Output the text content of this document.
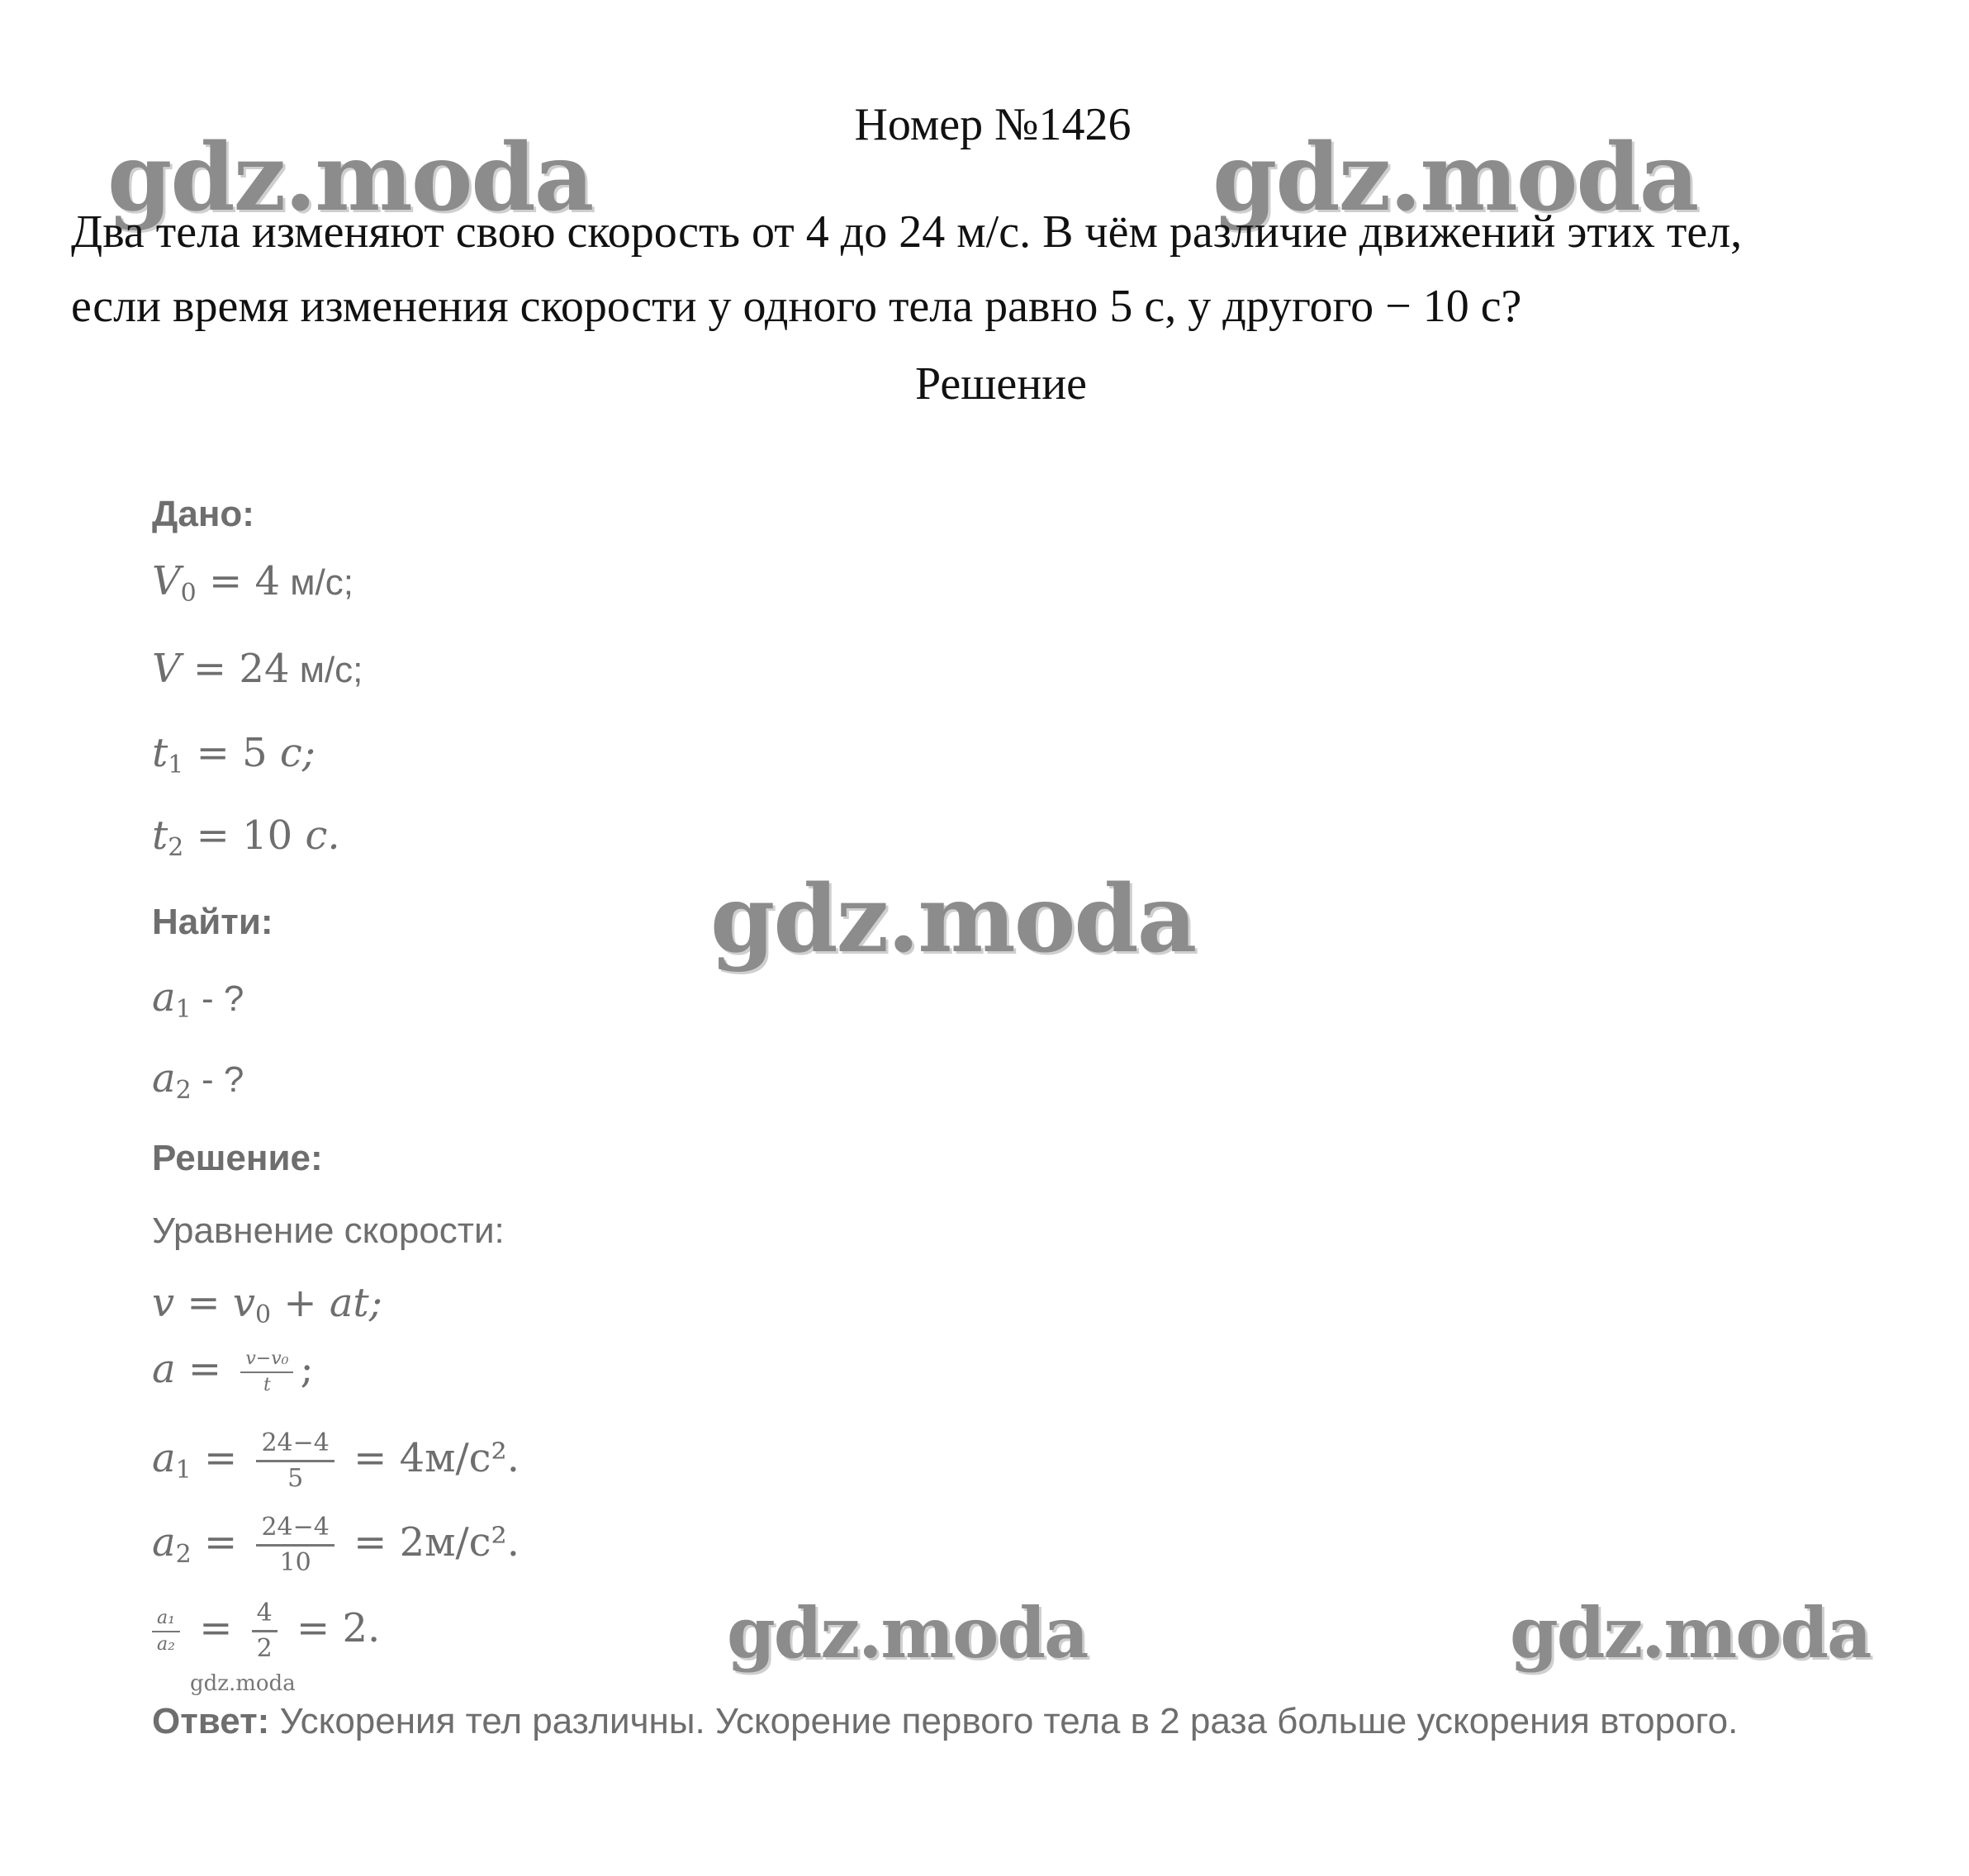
Номер №1426
gdz.moda	gdz.moda
Два тела изменяют свою скорость от 4 до 24 м/с. В чём различие движений этих тел,
если время изменения скорости у одного тела равно 5 с, у другого − 10 с?
Решение
Дано:
$V_0 = 4$ м/с;
V = 24 м/с;
$t_1 = 5$ c;
$t_2 = 10$ c.
Найти:
$a_1$ - ?
$a_2$ - ?
gdz.moda
Решение:
Уравнение скорости:
$v = v_0$ + at;
$a = \frac{\text{v−v₀}}{t}$ ;
$a_1 = \frac{24-4}{5} = 4м/с^2$.
$a_2 = \frac{24-4}{10} = 2м/с^2$.
$\frac{\text{a₁}}{\text{a₂}} = \frac{4}{2} = 2$.
gdz.moda
gdz.moda	gdz.moda
Ответ: Ускорения тел различны. Ускорение первого тела в 2 раза больше ускорения второго.
